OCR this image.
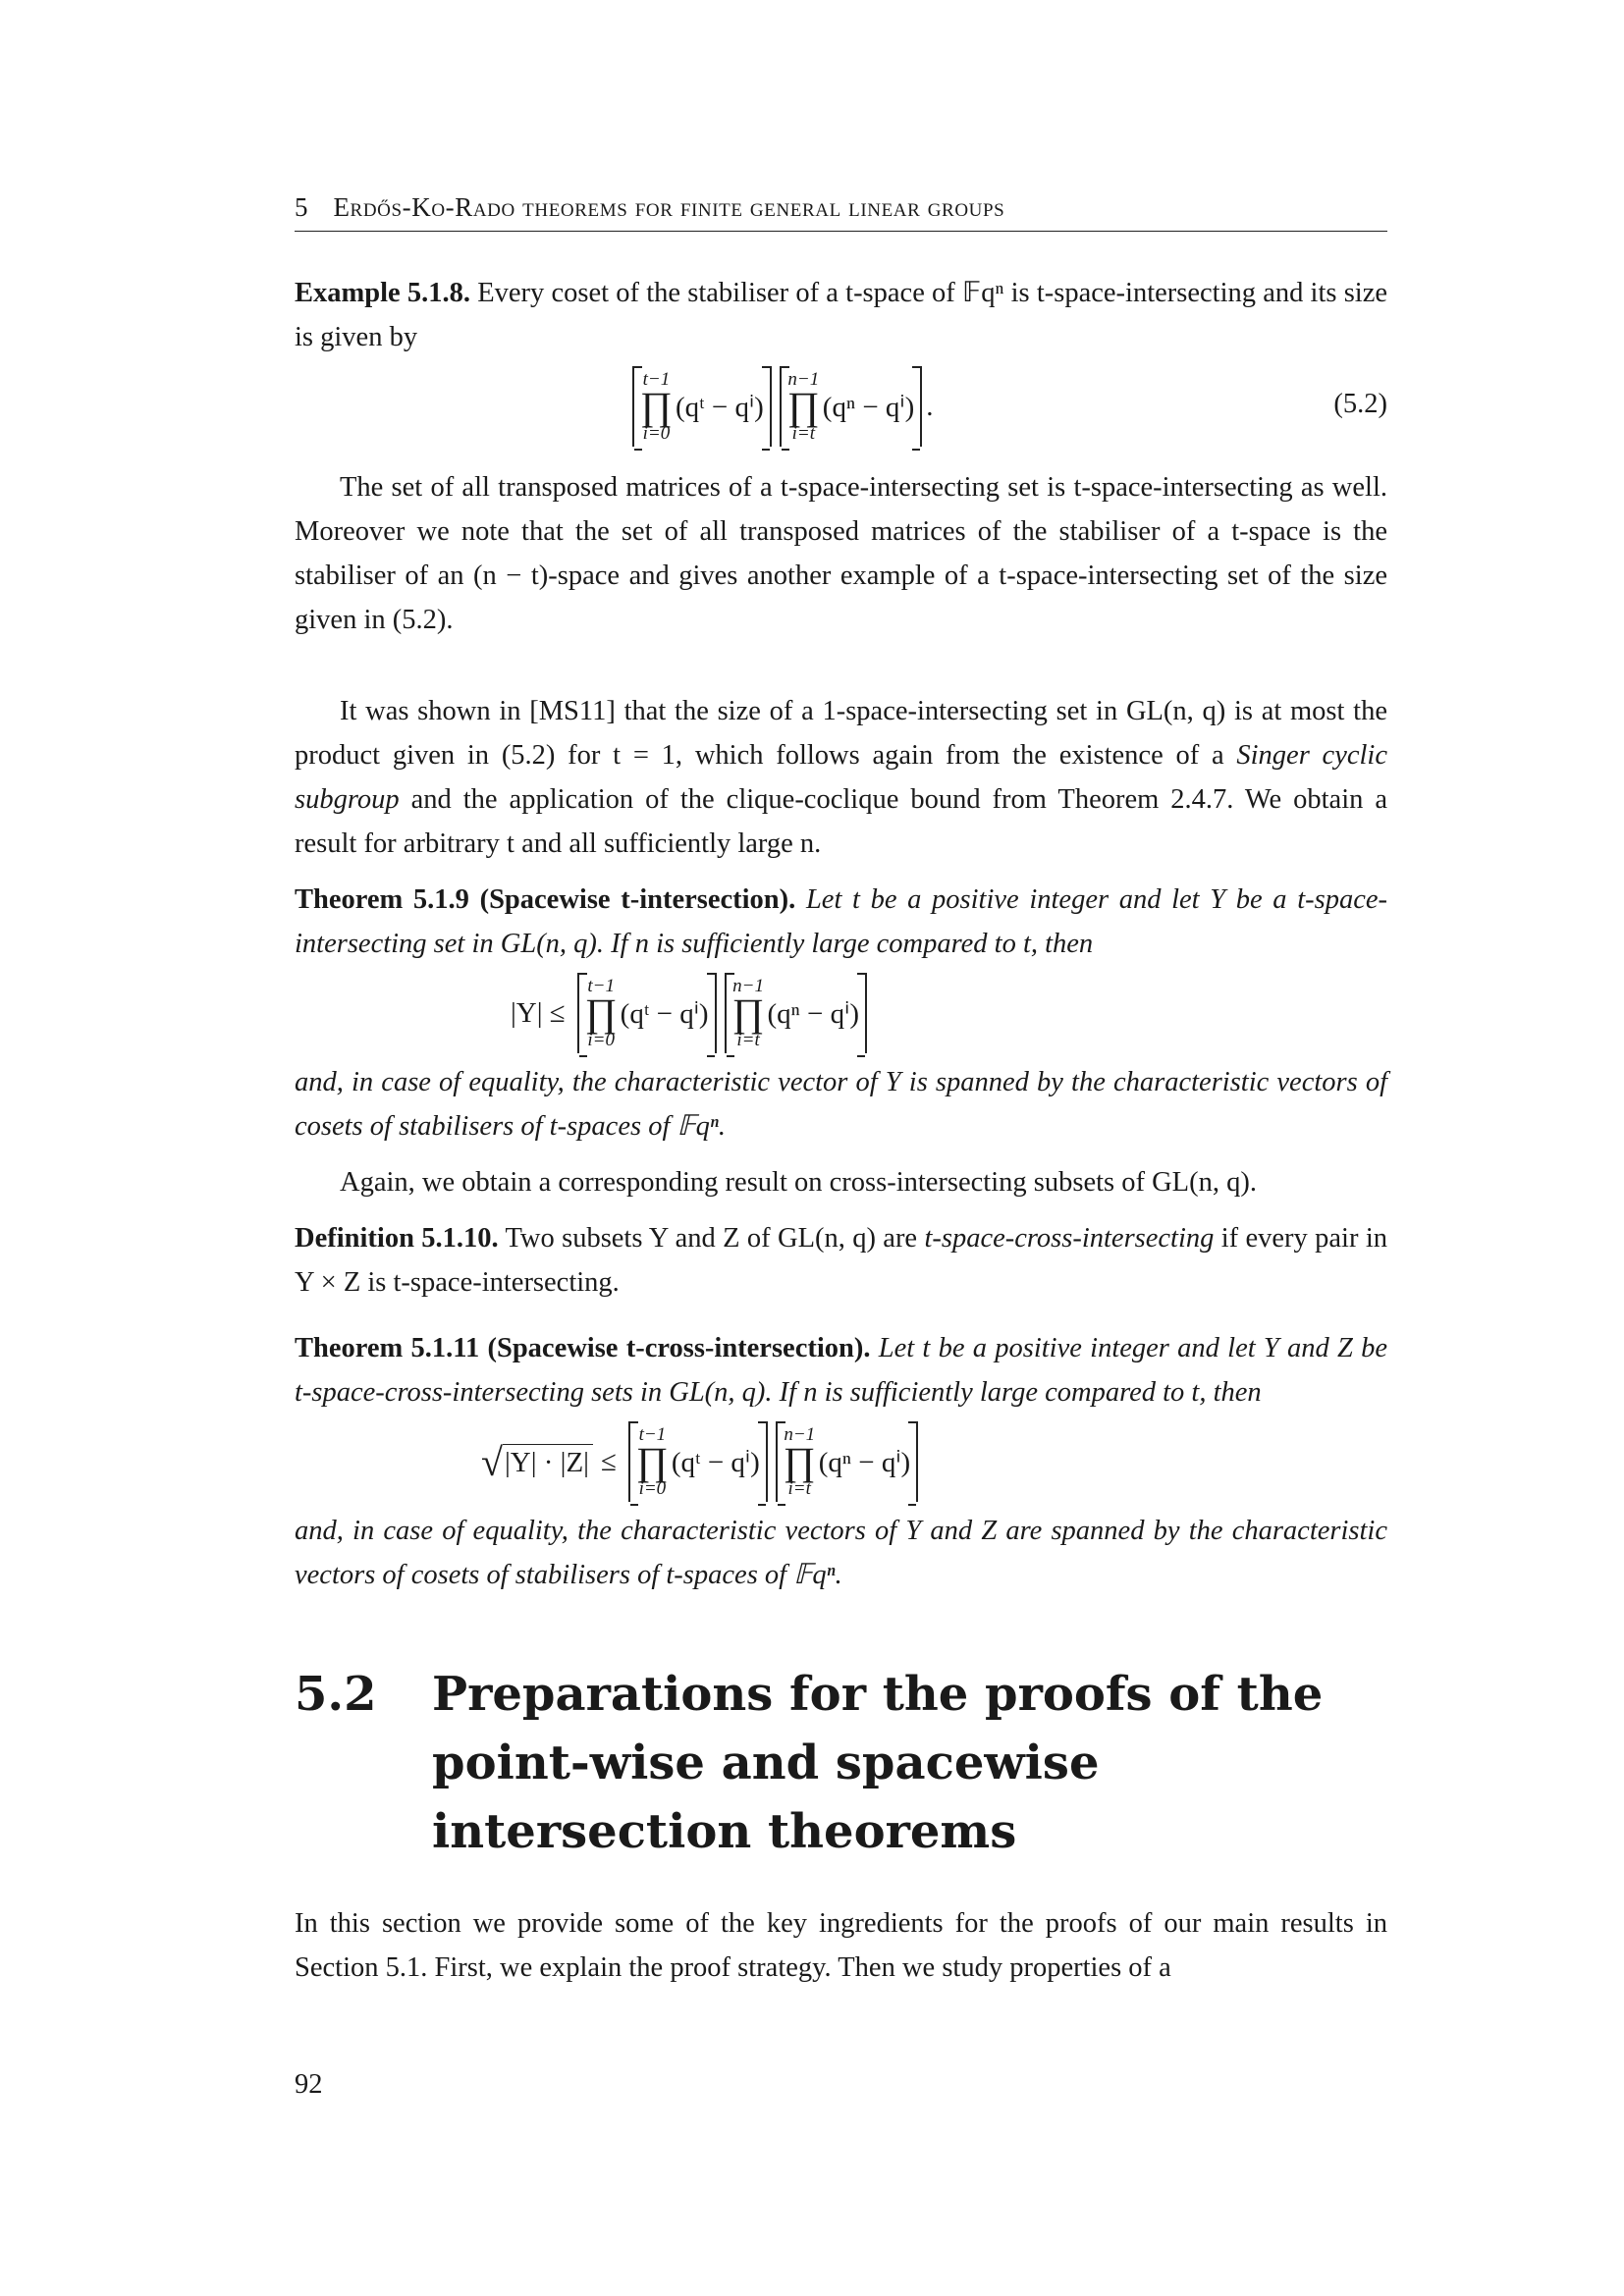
5 Erdős-Ko-Rado theorems for finite general linear groups
Example 5.1.8. Every coset of the stabiliser of a t-space of 𝔽qⁿ is t-space-intersecting and its size is given by
t−1
∏
i=0
(qᵗ − qⁱ)
n−1
∏
i=t
(qⁿ − qⁱ) .	(5.2)

The set of all transposed matrices of a t-space-intersecting set is t-space-intersecting as well. Moreover we note that the set of all transposed matrices of the stabiliser of a t-space is the stabiliser of an (n − t)-space and gives another example of a t-space-intersecting set of the size given in (5.2).

It was shown in [MS11] that the size of a 1-space-intersecting set in GL(n, q) is at most the product given in (5.2) for t = 1, which follows again from the existence of a Singer cyclic subgroup and the application of the clique-coclique bound from Theorem 2.4.7. We obtain a result for arbitrary t and all sufficiently large n.

Theorem 5.1.9 (Spacewise t-intersection). Let t be a positive integer and let Y be a t-space-intersecting set in GL(n, q). If n is sufficiently large compared to t, then
|Y| ≤
t−1
∏
i=0
(qᵗ − qⁱ)
n−1
∏
i=t
(qⁿ − qⁱ)

and, in case of equality, the characteristic vector of Y is spanned by the characteristic vectors of cosets of stabilisers of t-spaces of 𝔽qⁿ.

Again, we obtain a corresponding result on cross-intersecting subsets of GL(n, q).

Definition 5.1.10. Two subsets Y and Z of GL(n, q) are t-space-cross-intersecting if every pair in Y × Z is t-space-intersecting.
Theorem 5.1.11 (Spacewise t-cross-intersection). Let t be a positive integer and let Y and Z be t-space-cross-intersecting sets in GL(n, q). If n is sufficiently large compared to t, then
√ |Y| · |Z| ≤
t−1
∏
i=0
(qᵗ − qⁱ)
n−1
∏
i=t
(qⁿ − qⁱ)

and, in case of equality, the characteristic vectors of Y and Z are spanned by the characteristic vectors of cosets of stabilisers of t-spaces of 𝔽qⁿ.

5.2	Preparations for the proofs of the point-wise and spacewise intersection theorems

In this section we provide some of the key ingredients for the proofs of our main results in Section 5.1. First, we explain the proof strategy. Then we study properties of a

92
